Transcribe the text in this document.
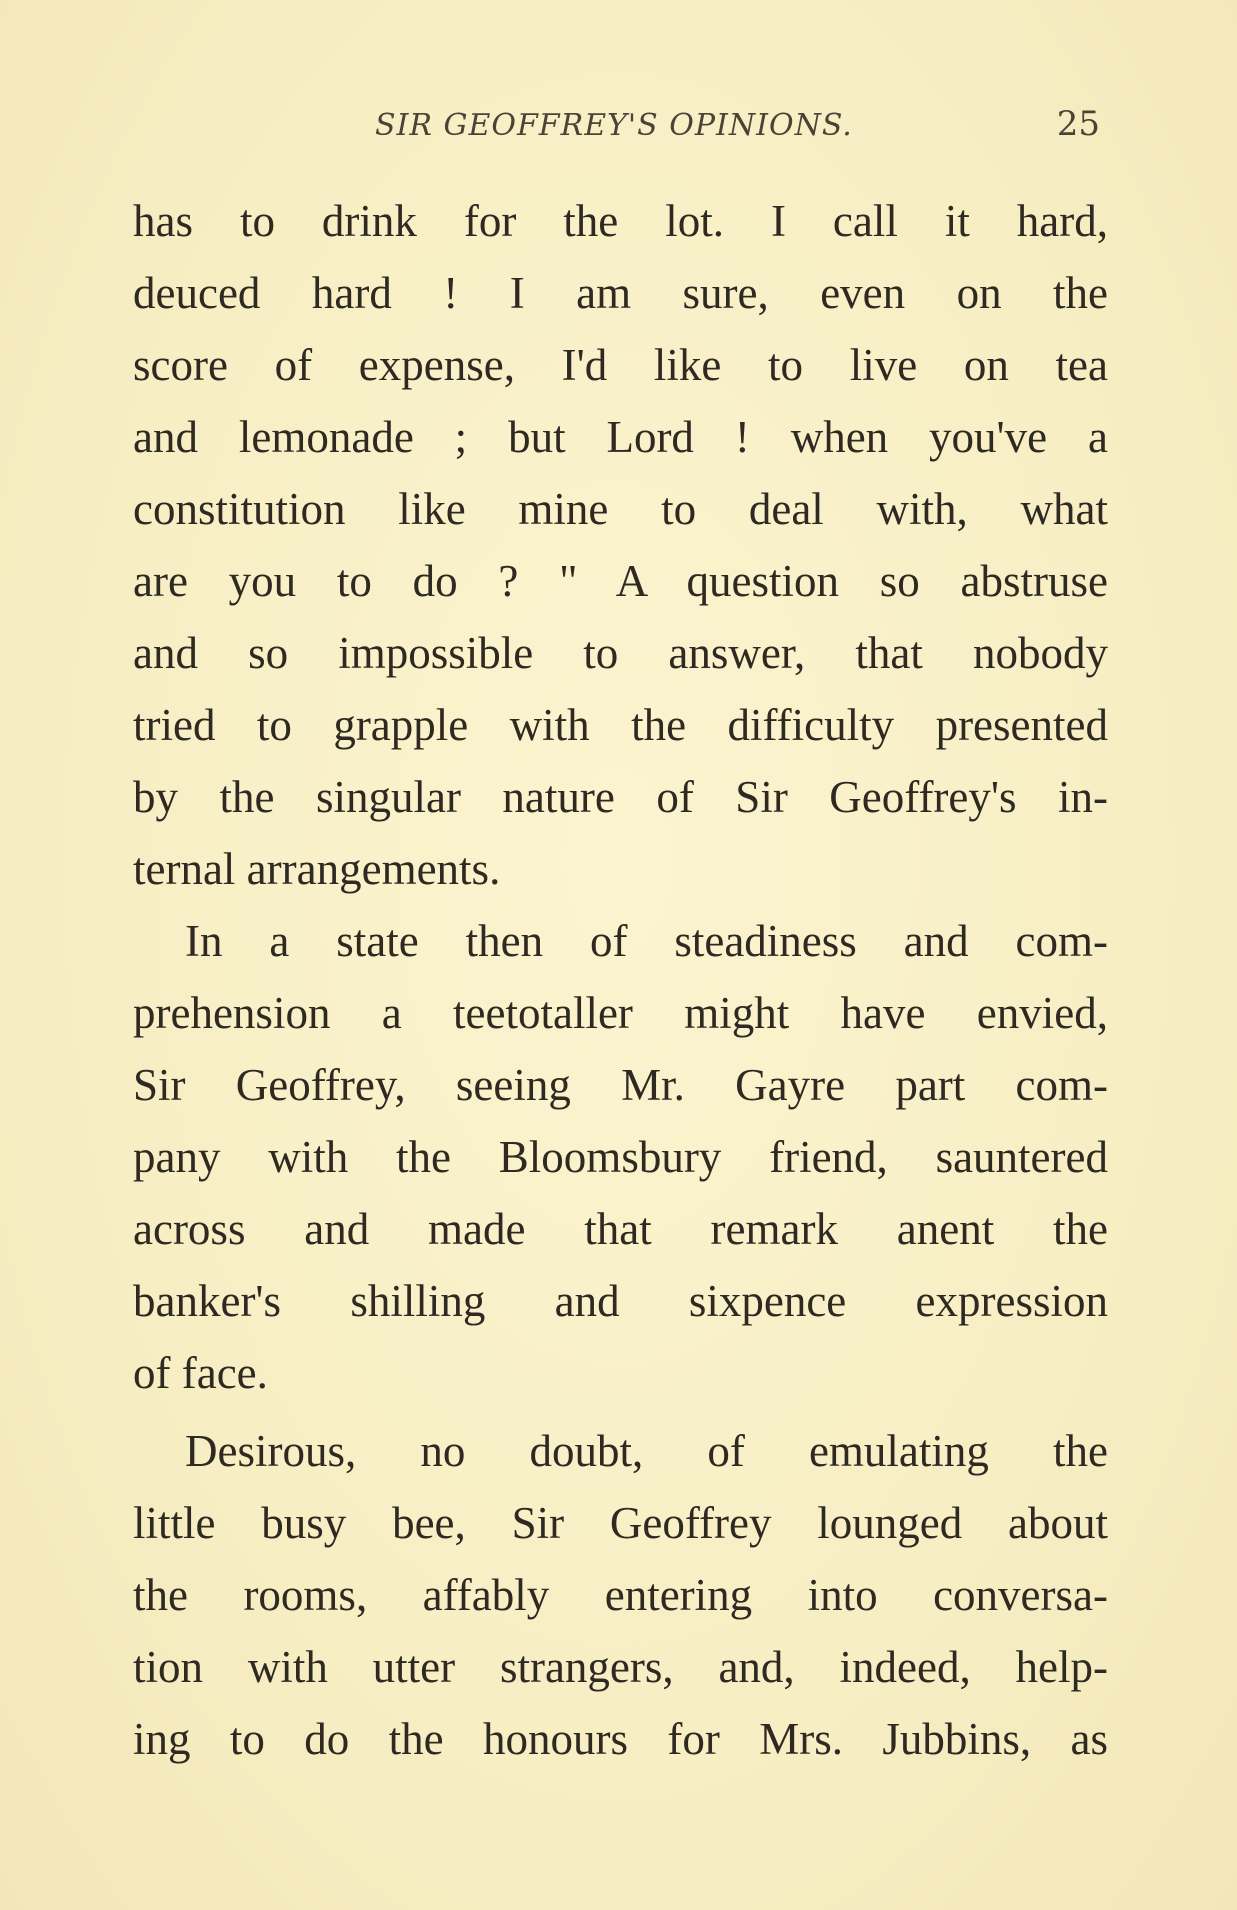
SIR GEOFFREY'S OPINIONS.	25
has to drink for the lot. I call it hard,
deuced hard ! I am sure, even on the
score of expense, I'd like to live on tea
and lemonade ; but Lord ! when you've a
constitution like mine to deal with, what
are you to do ? " A question so abstruse
and so impossible to answer, that nobody
tried to grapple with the difficulty presented
by the singular nature of Sir Geoffrey's in-
ternal arrangements.
In a state then of steadiness and com-
prehension a teetotaller might have envied,
Sir Geoffrey, seeing Mr. Gayre part com-
pany with the Bloomsbury friend, sauntered
across and made that remark anent the
banker's shilling and sixpence expression
of face.
Desirous, no doubt, of emulating the
little busy bee, Sir Geoffrey lounged about
the rooms, affably entering into conversa-
tion with utter strangers, and, indeed, help-
ing to do the honours for Mrs. Jubbins, as
